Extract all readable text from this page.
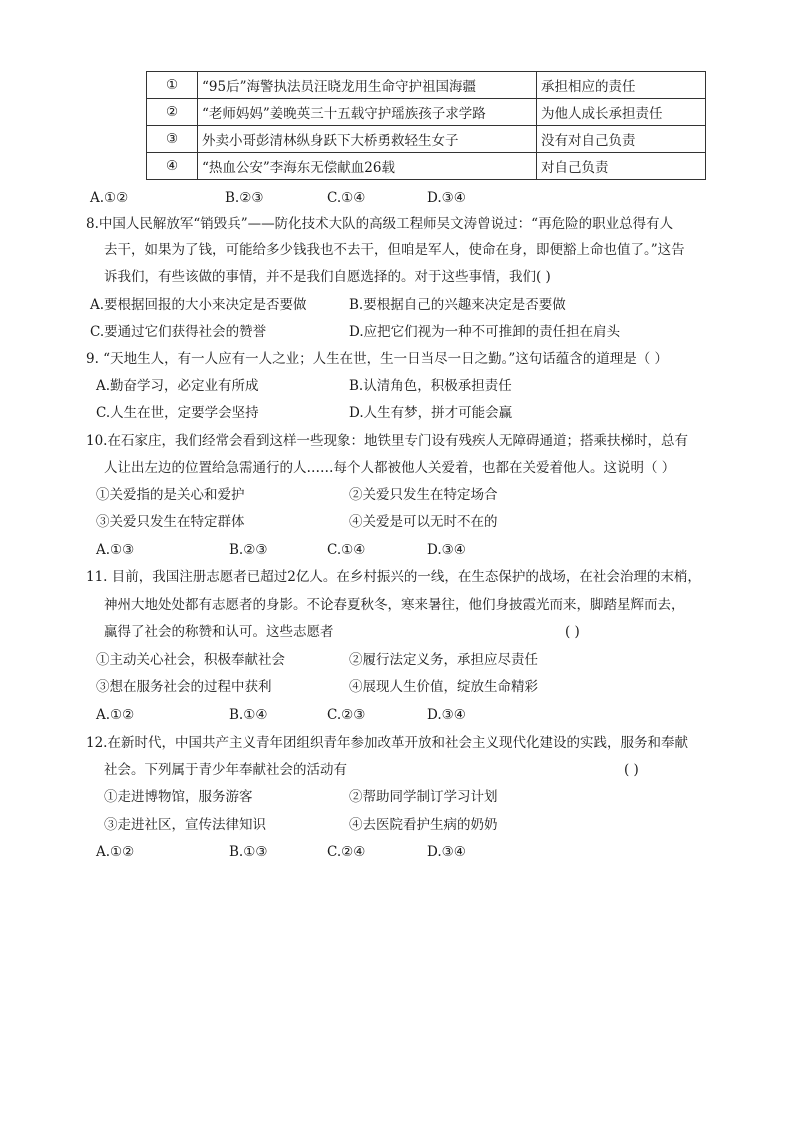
①	“95后”海警执法员汪晓龙用生命守护祖国海疆	承担相应的责任
②	“老师妈妈”姜晚英三十五载守护瑶族孩子求学路	为他人成长承担责任
③	外卖小哥彭清林纵身跃下大桥勇救轻生女子	没有对自己负责
④	“热血公安”李海东无偿献血26载	对自己负责
A.①②	B.②③	C.①④	D.③④
8.中国人民解放军“销毁兵”——防化技术大队的高级工程师吴文涛曾说过：“再危险的职业总得有人
去干，如果为了钱，可能给多少钱我也不去干，但咱是军人，使命在身，即便豁上命也值了。”这告
诉我们，有些该做的事情，并不是我们自愿选择的。对于这些事情，我们( )
A.要根据回报的大小来决定是否要做	B.要根据自己的兴趣来决定是否要做
C.要通过它们获得社会的赞誉	D.应把它们视为一种不可推卸的责任担在肩头
9. “天地生人，有一人应有一人之业；人生在世，生一日当尽一日之勤。”这句话蕴含的道理是（ ）
A.勤奋学习，必定业有所成	B.认清角色，积极承担责任
C.人生在世，定要学会坚持	D.人生有梦，拼才可能会赢
10.在石家庄，我们经常会看到这样一些现象：地铁里专门设有残疾人无障碍通道；搭乘扶梯时，总有
人让出左边的位置给急需通行的人……每个人都被他人关爱着，也都在关爱着他人。这说明（ ）
①关爱指的是关心和爱护	②关爱只发生在特定场合
③关爱只发生在特定群体	④关爱是可以无时不在的
A.①③	B.②③	C.①④	D.③④
11. 目前，我国注册志愿者已超过2亿人。在乡村振兴的一线，在生态保护的战场，在社会治理的末梢，
神州大地处处都有志愿者的身影。不论春夏秋冬，寒来暑往，他们身披霞光而来，脚踏星辉而去，
赢得了社会的称赞和认可。这些志愿者	( )
①主动关心社会，积极奉献社会	②履行法定义务，承担应尽责任
③想在服务社会的过程中获利	④展现人生价值，绽放生命精彩
A.①②	B.①④	C.②③	D.③④
12.在新时代，中国共产主义青年团组织青年参加改革开放和社会主义现代化建设的实践，服务和奉献
社会。下列属于青少年奉献社会的活动有	( )
①走进博物馆，服务游客	②帮助同学制订学习计划
③走进社区，宣传法律知识	④去医院看护生病的奶奶
A.①②	B.①③	C.②④	D.③④
